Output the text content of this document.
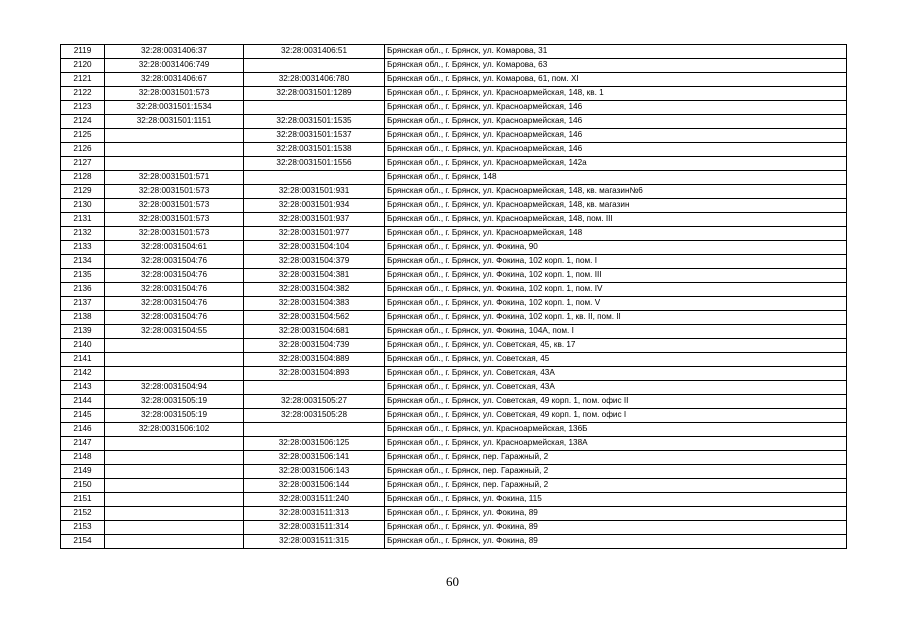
2119	32:28:0031406:37	32:28:0031406:51	Брянская обл., г. Брянск, ул. Комарова, 31
2120	32:28:0031406:749		Брянская обл., г. Брянск, ул. Комарова, 63
2121	32:28:0031406:67	32:28:0031406:780	Брянская обл., г. Брянск, ул. Комарова, 61, пом. XI
2122	32:28:0031501:573	32:28:0031501:1289	Брянская обл., г. Брянск, ул. Красноармейская, 148, кв. 1
2123	32:28:0031501:1534		Брянская обл., г. Брянск, ул. Красноармейская, 146
2124	32:28:0031501:1151	32:28:0031501:1535	Брянская обл., г. Брянск, ул. Красноармейская, 146
2125		32:28:0031501:1537	Брянская обл., г. Брянск, ул. Красноармейская, 146
2126		32:28:0031501:1538	Брянская обл., г. Брянск, ул. Красноармейская, 146
2127		32:28:0031501:1556	Брянская обл., г. Брянск, ул. Красноармейская, 142а
2128	32:28:0031501:571		Брянская обл., г. Брянск, 148
2129	32:28:0031501:573	32:28:0031501:931	Брянская обл., г. Брянск, ул. Красноармейская, 148, кв. магазин№6
2130	32:28:0031501:573	32:28:0031501:934	Брянская обл., г. Брянск, ул. Красноармейская, 148, кв. магазин
2131	32:28:0031501:573	32:28:0031501:937	Брянская обл., г. Брянск, ул. Красноармейская, 148, пом. III
2132	32:28:0031501:573	32:28:0031501:977	Брянская обл., г. Брянск, ул. Красноармейская, 148
2133	32:28:0031504:61	32:28:0031504:104	Брянская обл., г. Брянск, ул. Фокина, 90
2134	32:28:0031504:76	32:28:0031504:379	Брянская обл., г. Брянск, ул. Фокина, 102 корп. 1, пом. I
2135	32:28:0031504:76	32:28:0031504:381	Брянская обл., г. Брянск, ул. Фокина, 102 корп. 1, пом. III
2136	32:28:0031504:76	32:28:0031504:382	Брянская обл., г. Брянск, ул. Фокина, 102 корп. 1, пом. IV
2137	32:28:0031504:76	32:28:0031504:383	Брянская обл., г. Брянск, ул. Фокина, 102 корп. 1, пом. V
2138	32:28:0031504:76	32:28:0031504:562	Брянская обл., г. Брянск, ул. Фокина, 102 корп. 1, кв. II, пом. II
2139	32:28:0031504:55	32:28:0031504:681	Брянская обл., г. Брянск, ул. Фокина, 104А, пом. I
2140		32:28:0031504:739	Брянская обл., г. Брянск, ул. Советская, 45, кв. 17
2141		32:28:0031504:889	Брянская обл., г. Брянск, ул. Советская, 45
2142		32:28:0031504:893	Брянская обл., г. Брянск, ул. Советская, 43А
2143	32:28:0031504:94		Брянская обл., г. Брянск, ул. Советская, 43А
2144	32:28:0031505:19	32:28:0031505:27	Брянская обл., г. Брянск, ул. Советская, 49 корп. 1, пом. офис II
2145	32:28:0031505:19	32:28:0031505:28	Брянская обл., г. Брянск, ул. Советская, 49 корп. 1, пом. офис I
2146	32:28:0031506:102		Брянская обл., г. Брянск, ул. Красноармейская, 136Б
2147		32:28:0031506:125	Брянская обл., г. Брянск, ул. Красноармейская, 138А
2148		32:28:0031506:141	Брянская обл., г. Брянск, пер. Гаражный, 2
2149		32:28:0031506:143	Брянская обл., г. Брянск, пер. Гаражный, 2
2150		32:28:0031506:144	Брянская обл., г. Брянск, пер. Гаражный, 2
2151		32:28:0031511:240	Брянская обл., г. Брянск, ул. Фокина, 115
2152		32:28:0031511:313	Брянская обл., г. Брянск, ул. Фокина, 89
2153		32:28:0031511:314	Брянская обл., г. Брянск, ул. Фокина, 89
2154		32:28:0031511:315	Брянская обл., г. Брянск, ул. Фокина, 89
60
